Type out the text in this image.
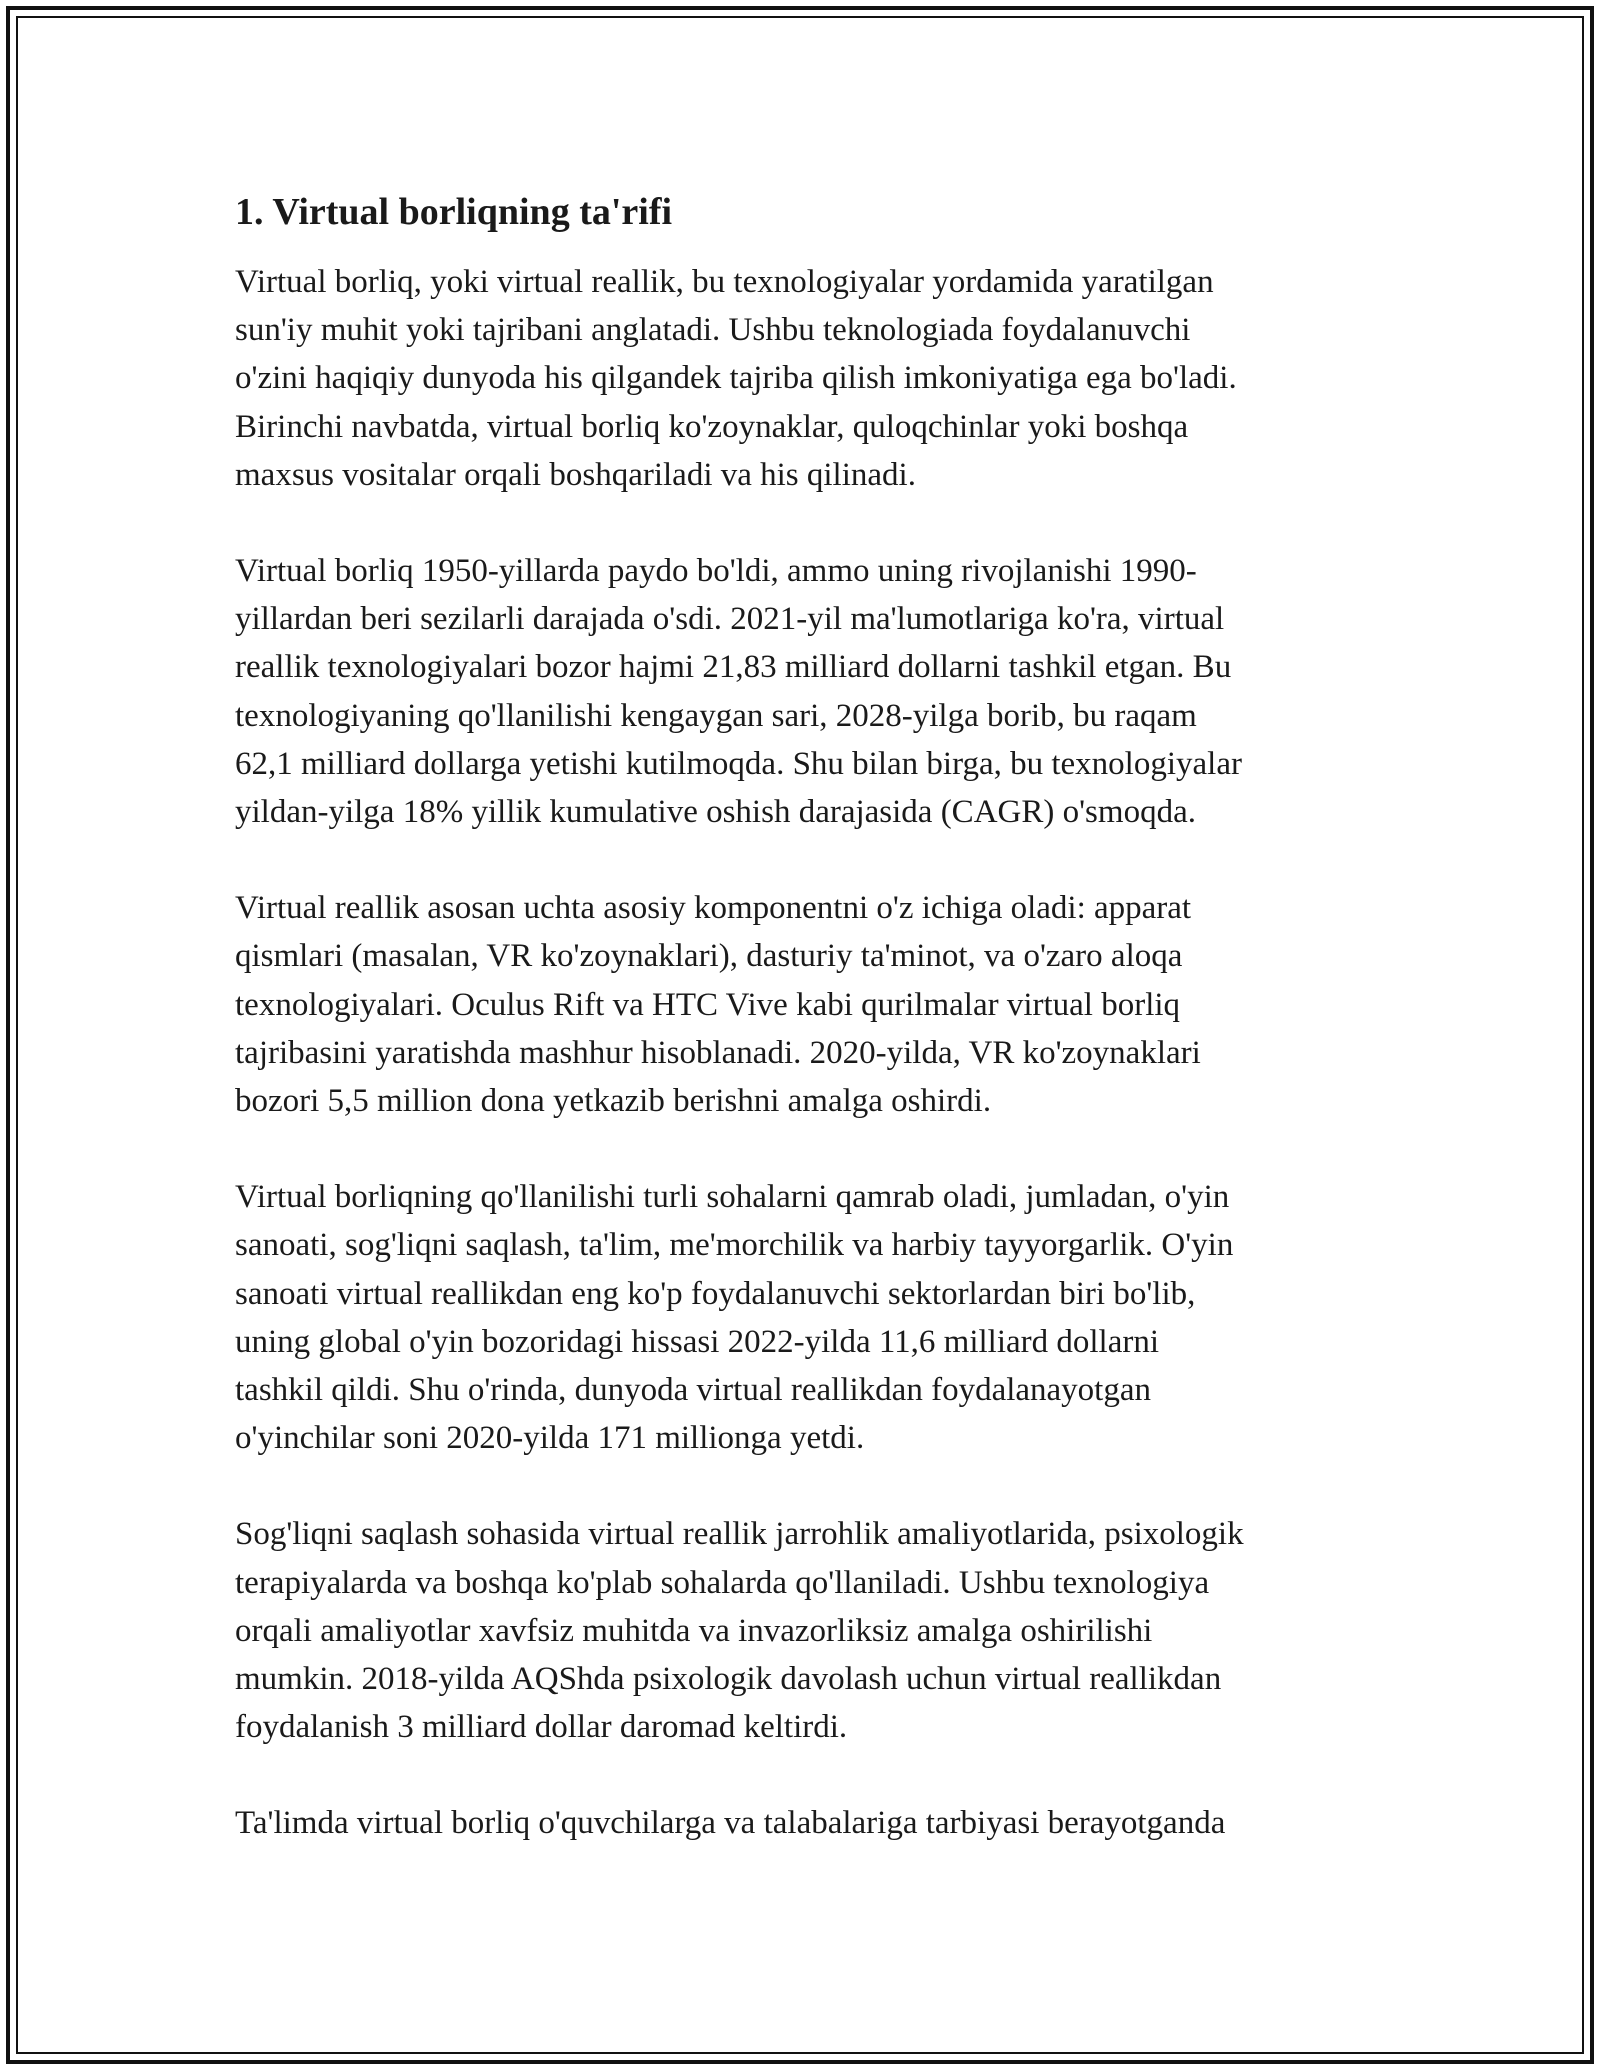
1. Virtual borliqning ta'rifi

Virtual borliq, yoki virtual reallik, bu texnologiyalar yordamida yaratilgan
sun'iy muhit yoki tajribani anglatadi. Ushbu teknologiada foydalanuvchi
o'zini haqiqiy dunyoda his qilgandek tajriba qilish imkoniyatiga ega bo'ladi.
Birinchi navbatda, virtual borliq ko'zoynaklar, quloqchinlar yoki boshqa
maxsus vositalar orqali boshqariladi va his qilinadi.

Virtual borliq 1950-yillarda paydo bo'ldi, ammo uning rivojlanishi 1990-
yillardan beri sezilarli darajada o'sdi. 2021-yil ma'lumotlariga ko'ra, virtual
reallik texnologiyalari bozor hajmi 21,83 milliard dollarni tashkil etgan. Bu
texnologiyaning qo'llanilishi kengaygan sari, 2028-yilga borib, bu raqam
62,1 milliard dollarga yetishi kutilmoqda. Shu bilan birga, bu texnologiyalar
yildan-yilga 18% yillik kumulative oshish darajasida (CAGR) o'smoqda.

Virtual reallik asosan uchta asosiy komponentni o'z ichiga oladi: apparat
qismlari (masalan, VR ko'zoynaklari), dasturiy ta'minot, va o'zaro aloqa
texnologiyalari. Oculus Rift va HTC Vive kabi qurilmalar virtual borliq
tajribasini yaratishda mashhur hisoblanadi. 2020-yilda, VR ko'zoynaklari
bozori 5,5 million dona yetkazib berishni amalga oshirdi.

Virtual borliqning qo'llanilishi turli sohalarni qamrab oladi, jumladan, o'yin
sanoati, sog'liqni saqlash, ta'lim, me'morchilik va harbiy tayyorgarlik. O'yin
sanoati virtual reallikdan eng ko'p foydalanuvchi sektorlardan biri bo'lib,
uning global o'yin bozoridagi hissasi 2022-yilda 11,6 milliard dollarni
tashkil qildi. Shu o'rinda, dunyoda virtual reallikdan foydalanayotgan
o'yinchilar soni 2020-yilda 171 millionga yetdi.

Sog'liqni saqlash sohasida virtual reallik jarrohlik amaliyotlarida, psixologik
terapiyalarda va boshqa ko'plab sohalarda qo'llaniladi. Ushbu texnologiya
orqali amaliyotlar xavfsiz muhitda va invazorliksiz amalga oshirilishi
mumkin. 2018-yilda AQShda psixologik davolash uchun virtual reallikdan
foydalanish 3 milliard dollar daromad keltirdi.

Ta'limda virtual borliq o'quvchilarga va talabalariga tarbiyasi berayotganda
